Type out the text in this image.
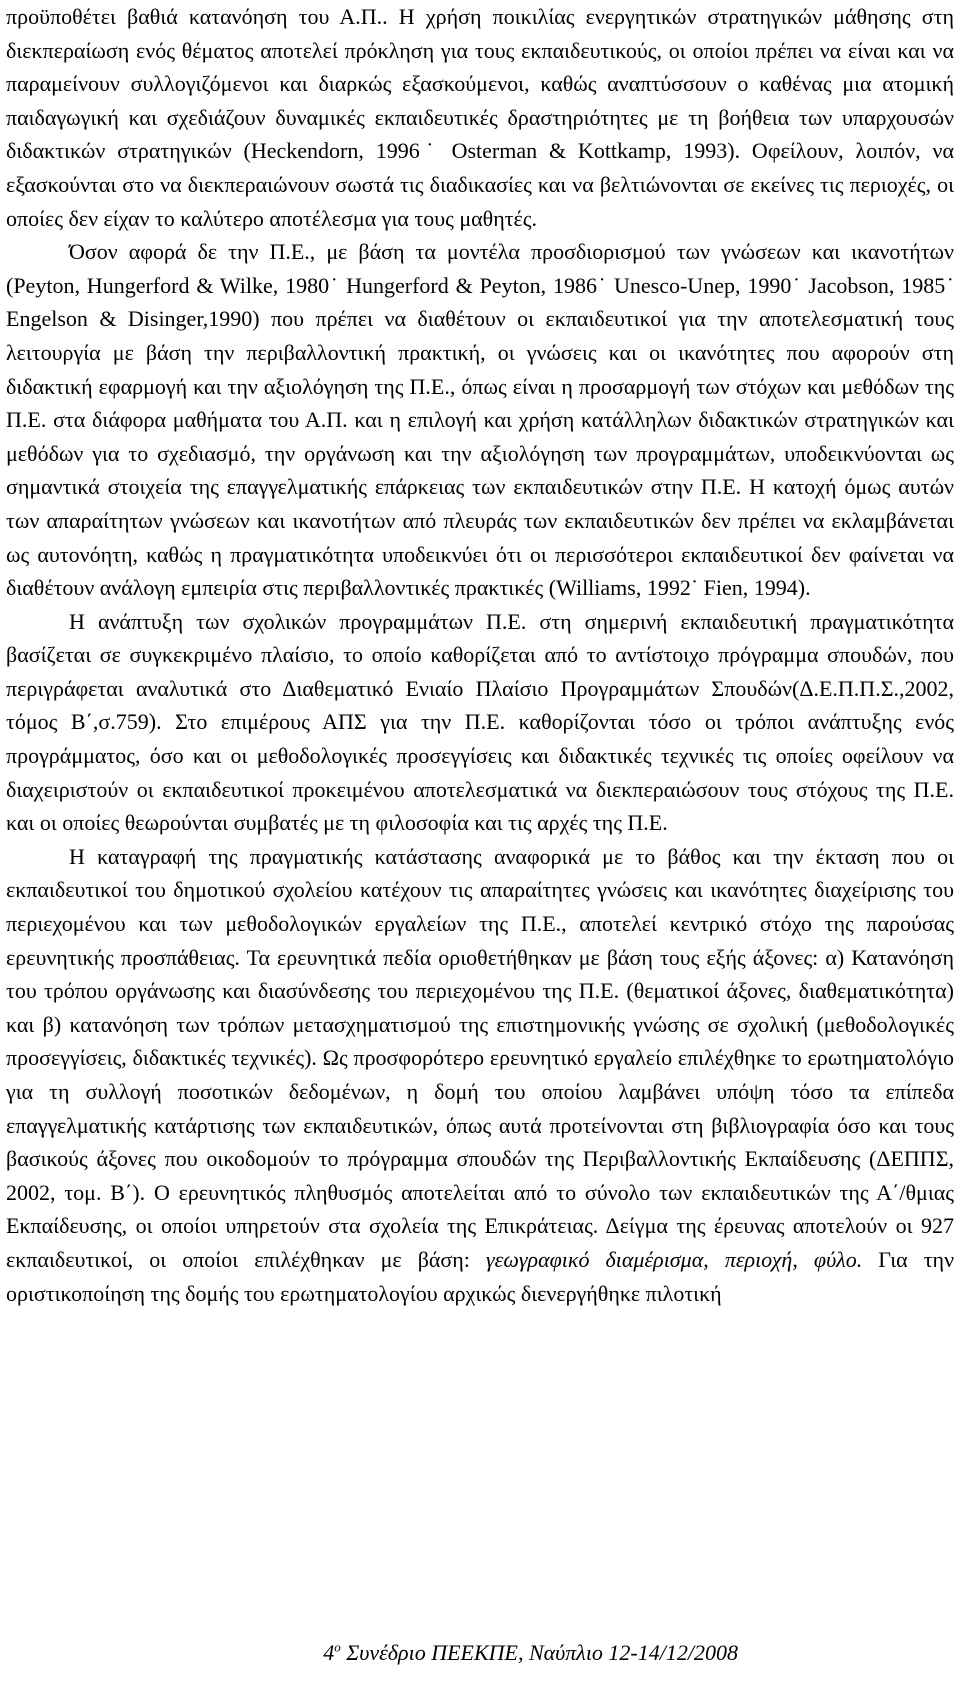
προϋποθέτει βαθιά κατανόηση του Α.Π.. Η χρήση ποικιλίας ενεργητικών στρατηγικών μάθησης στη διεκπεραίωση ενός θέματος αποτελεί πρόκληση για τους εκπαιδευτικούς, οι οποίοι πρέπει να είναι και να παραμείνουν συλλογιζόμενοι και διαρκώς εξασκούμενοι, καθώς αναπτύσσουν ο καθένας μια ατομική παιδαγωγική και σχεδιάζουν δυναμικές εκπαιδευτικές δραστηριότητες με τη βοήθεια των υπαρχουσών διδακτικών στρατηγικών (Heckendorn, 1996˙ Osterman & Kottkamp, 1993). Οφείλουν, λοιπόν, να εξασκούνται στο να διεκπεραιώνουν σωστά τις διαδικασίες και να βελτιώνονται σε εκείνες τις περιοχές, οι οποίες δεν είχαν το καλύτερο αποτέλεσμα για τους μαθητές.

Όσον αφορά δε την Π.Ε., με βάση τα μοντέλα προσδιορισμού των γνώσεων και ικανοτήτων (Peyton, Hungerford & Wilke, 1980˙ Hungerford & Peyton, 1986˙ Unesco-Unep, 1990˙ Jacobson, 1985˙ Engelson & Disinger,1990) που πρέπει να διαθέτουν οι εκπαιδευτικοί για την αποτελεσματική τους λειτουργία με βάση την περιβαλλοντική πρακτική, οι γνώσεις και οι ικανότητες που αφορούν στη διδακτική εφαρμογή και την αξιολόγηση της Π.Ε., όπως είναι η προσαρμογή των στόχων και μεθόδων της Π.Ε. στα διάφορα μαθήματα του Α.Π. και η επιλογή και χρήση κατάλληλων διδακτικών στρατηγικών και μεθόδων για το σχεδιασμό, την οργάνωση και την αξιολόγηση των προγραμμάτων, υποδεικνύονται ως σημαντικά στοιχεία της επαγγελματικής επάρκειας των εκπαιδευτικών στην Π.Ε. Η κατοχή όμως αυτών των απαραίτητων γνώσεων και ικανοτήτων από πλευράς των εκπαιδευτικών δεν πρέπει να εκλαμβάνεται ως αυτονόητη, καθώς η πραγματικότητα υποδεικνύει ότι οι περισσότεροι εκπαιδευτικοί δεν φαίνεται να διαθέτουν ανάλογη εμπειρία στις περιβαλλοντικές πρακτικές (Williams, 1992˙ Fien, 1994).

Η ανάπτυξη των σχολικών προγραμμάτων Π.Ε. στη σημερινή εκπαιδευτική πραγματικότητα βασίζεται σε συγκεκριμένο πλαίσιο, το οποίο καθορίζεται από το αντίστοιχο πρόγραμμα σπουδών, που περιγράφεται αναλυτικά στο Διαθεματικό Ενιαίο Πλαίσιο Προγραμμάτων Σπουδών(Δ.Ε.Π.Π.Σ.,2002, τόμος Β΄,σ.759). Στο επιμέρους ΑΠΣ για την Π.Ε. καθορίζονται τόσο οι τρόποι ανάπτυξης ενός προγράμματος, όσο και οι μεθοδολογικές προσεγγίσεις και διδακτικές τεχνικές τις οποίες οφείλουν να διαχειριστούν οι εκπαιδευτικοί προκειμένου αποτελεσματικά να διεκπεραιώσουν τους στόχους της Π.Ε. και οι οποίες θεωρούνται συμβατές με τη φιλοσοφία και τις αρχές της Π.Ε.

Η καταγραφή της πραγματικής κατάστασης αναφορικά με το βάθος και την έκταση που οι εκπαιδευτικοί του δημοτικού σχολείου κατέχουν τις απαραίτητες γνώσεις και ικανότητες διαχείρισης του περιεχομένου και των μεθοδολογικών εργαλείων της Π.Ε., αποτελεί κεντρικό στόχο της παρούσας ερευνητικής προσπάθειας. Τα ερευνητικά πεδία οριοθετήθηκαν με βάση τους εξής άξονες: α) Κατανόηση του τρόπου οργάνωσης και διασύνδεσης του περιεχομένου της Π.Ε. (θεματικοί άξονες, διαθεματικότητα) και β) κατανόηση των τρόπων μετασχηματισμού της επιστημονικής γνώσης σε σχολική (μεθοδολογικές προσεγγίσεις, διδακτικές τεχνικές). Ως προσφορότερο ερευνητικό εργαλείο επιλέχθηκε το ερωτηματολόγιο για τη συλλογή ποσοτικών δεδομένων, η δομή του οποίου λαμβάνει υπόψη τόσο τα επίπεδα επαγγελματικής κατάρτισης των εκπαιδευτικών, όπως αυτά προτείνονται στη βιβλιογραφία όσο και τους βασικούς άξονες που οικοδομούν το πρόγραμμα σπουδών της Περιβαλλοντικής Εκπαίδευσης (ΔΕΠΠΣ, 2002, τομ. Β΄). Ο ερευνητικός πληθυσμός αποτελείται από το σύνολο των εκπαιδευτικών της Α΄/θμιας Εκπαίδευσης, οι οποίοι υπηρετούν στα σχολεία της Επικράτειας. Δείγμα της έρευνας αποτελούν οι 927 εκπαιδευτικοί, οι οποίοι επιλέχθηκαν με βάση: γεωγραφικό διαμέρισμα, περιοχή, φύλο. Για την οριστικοποίηση της δομής του ερωτηματολογίου αρχικώς διενεργήθηκε πιλοτική

$4^o$ Συνέδριο ΠΕΕΚΠΕ, Ναύπλιο 12-14/12/2008
